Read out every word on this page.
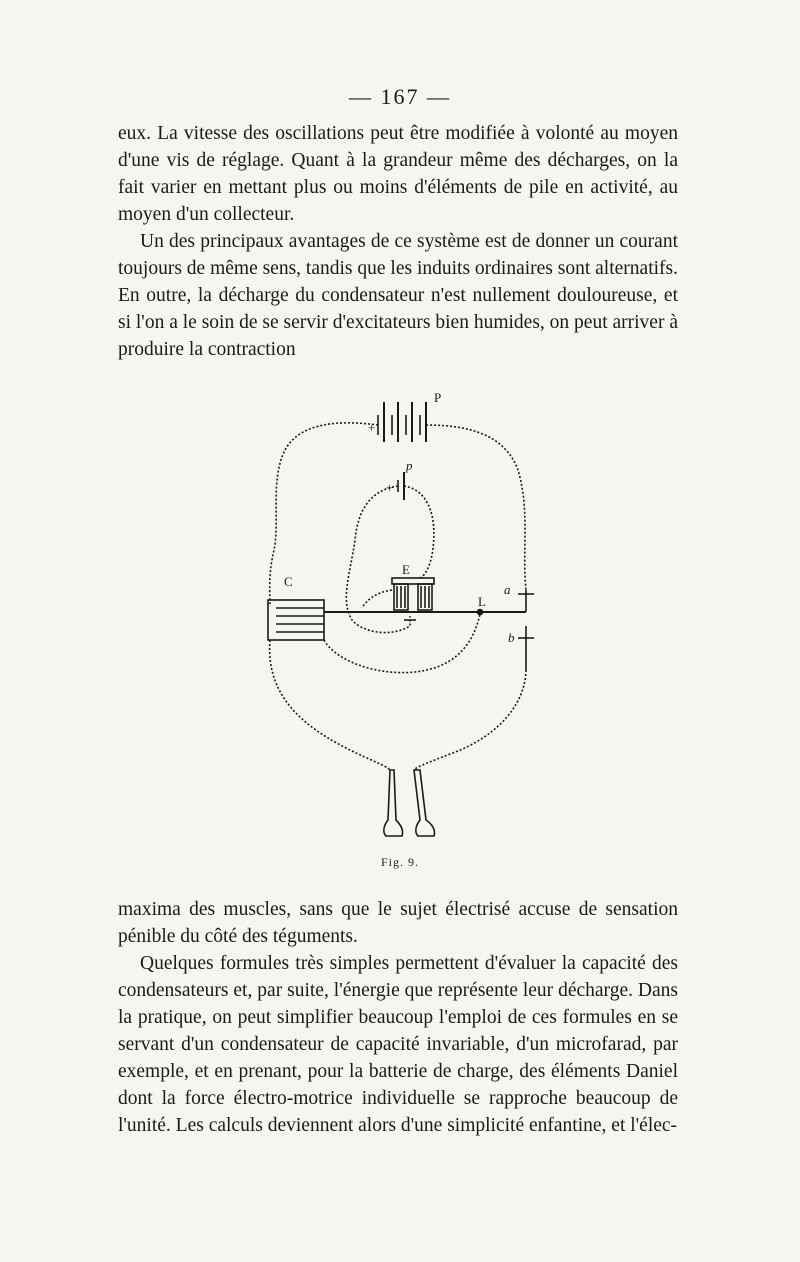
— 167 —

eux. La vitesse des oscillations peut être modifiée à volonté au moyen d'une vis de réglage. Quant à la grandeur même des décharges, on la fait varier en mettant plus ou moins d'éléments de pile en activité, au moyen d'un collecteur.

Un des principaux avantages de ce système est de donner un courant toujours de même sens, tandis que les induits ordinaires sont alternatifs. En outre, la décharge du condensateur n'est nullement douloureuse, et si l'on a le soin de se servir d'excitateurs bien humides, on peut arriver à produire la contraction

P
+
p
+
C
E
L
a
b
Fig. 9.

maxima des muscles, sans que le sujet électrisé accuse de sensation pénible du côté des téguments.

Quelques formules très simples permettent d'évaluer la capacité des condensateurs et, par suite, l'énergie que représente leur décharge. Dans la pratique, on peut simplifier beaucoup l'emploi de ces formules en se servant d'un condensateur de capacité invariable, d'un microfarad, par exemple, et en prenant, pour la batterie de charge, des éléments Daniel dont la force électro-motrice individuelle se rapproche beaucoup de l'unité. Les calculs deviennent alors d'une simplicité enfantine, et l'élec-
